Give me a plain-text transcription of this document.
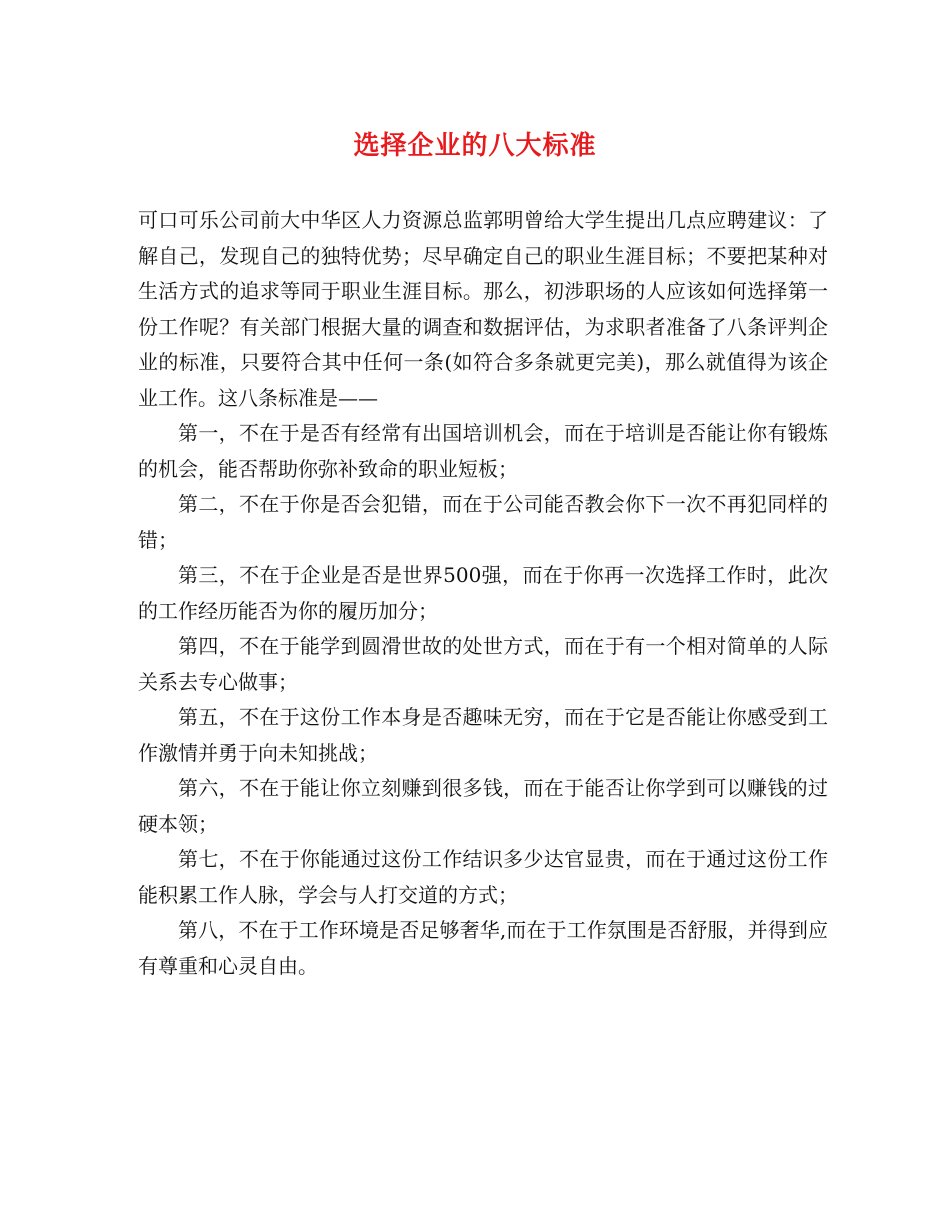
选择企业的八大标准

可口可乐公司前大中华区人力资源总监郭明曾给大学生提出几点应聘建议：了解自己，发现自己的独特优势；尽早确定自己的职业生涯目标；不要把某种对生活方式的追求等同于职业生涯目标。那么，初涉职场的人应该如何选择第一份工作呢？有关部门根据大量的调查和数据评估，为求职者准备了八条评判企业的标准，只要符合其中任何一条(如符合多条就更完美)，那么就值得为该企业工作。这八条标准是——

第一，不在于是否有经常有出国培训机会，而在于培训是否能让你有锻炼的机会，能否帮助你弥补致命的职业短板；

第二，不在于你是否会犯错，而在于公司能否教会你下一次不再犯同样的错；

第三，不在于企业是否是世界500强，而在于你再一次选择工作时，此次的工作经历能否为你的履历加分；

第四，不在于能学到圆滑世故的处世方式，而在于有一个相对简单的人际关系去专心做事；

第五，不在于这份工作本身是否趣味无穷，而在于它是否能让你感受到工作激情并勇于向未知挑战；

第六，不在于能让你立刻赚到很多钱，而在于能否让你学到可以赚钱的过硬本领；

第七，不在于你能通过这份工作结识多少达官显贵，而在于通过这份工作能积累工作人脉，学会与人打交道的方式；

第八，不在于工作环境是否足够奢华,而在于工作氛围是否舒服，并得到应有尊重和心灵自由。
